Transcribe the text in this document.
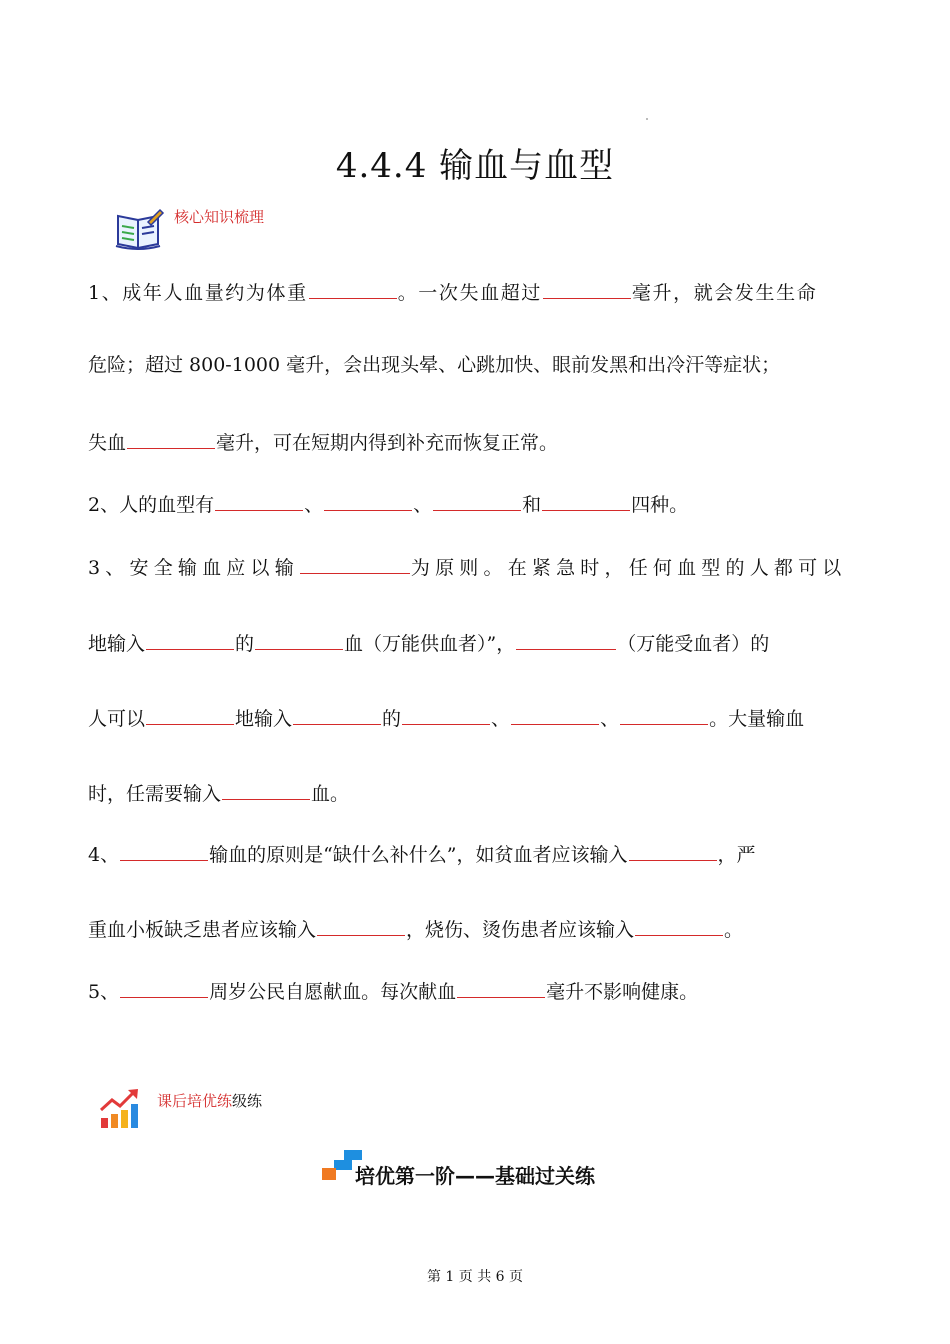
4.4.4 输血与血型
核心知识梳理
1、成年人血量约为体重	。一次失血超过	毫升，就会发生生命
危险；超过 800-1000 毫升，会出现头晕、心跳加快、眼前发黑和出冷汗等症状；
失血	毫升，可在短期内得到补充而恢复正常。
2、人的血型有	、	、	和	四种。
3、安全输血应以输	为原则。在紧急时，任何血型的人都可以
地输入	的	血（万能供血者）”，	（万能受血者）的
人可以	地输入	的	、	、	。大量输血
时，任需要输入	血。
4、	输血的原则是“缺什么补什么”，如贫血者应该输入	，严
重血小板缺乏患者应该输入	，烧伤、烫伤患者应该输入	。
5、	周岁公民自愿献血。每次献血	毫升不影响健康。
课后培优练级练
培优第一阶——基础过关练
第 1 页 共 6 页
